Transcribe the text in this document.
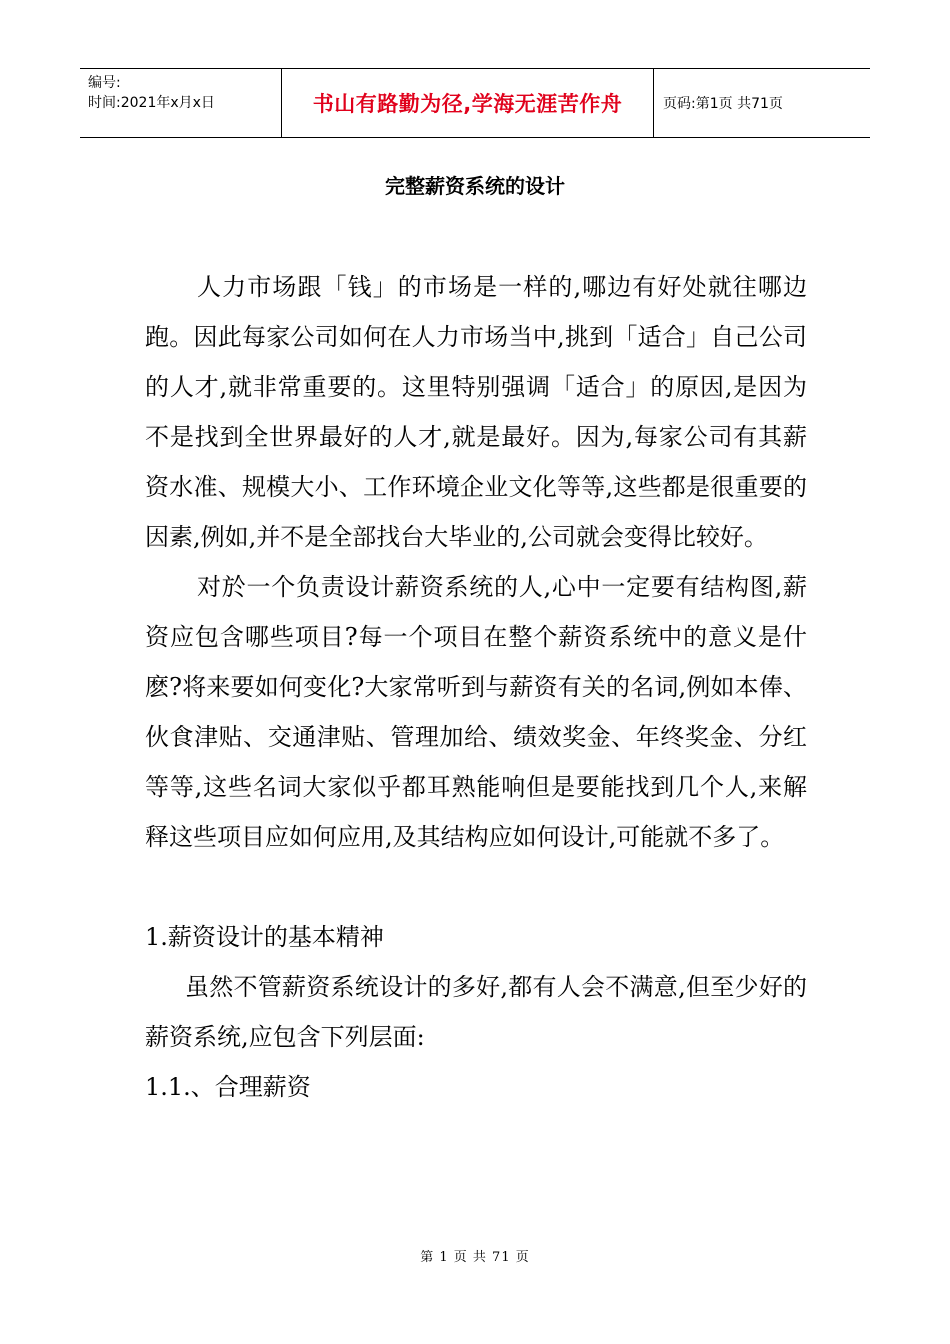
编号:
时间:2021年x月x日	书山有路勤为径,学海无涯苦作舟	页码:第1页 共71页
完整薪资系统的设计

人力市场跟「钱」的市场是一样的,哪边有好处就往哪边跑。因此每家公司如何在人力市场当中,挑到「适合」自己公司的人才,就非常重要的。这里特别强调「适合」的原因,是因为不是找到全世界最好的人才,就是最好。因为,每家公司有其薪资水准、规模大小、工作环境企业文化等等,这些都是很重要的因素,例如,并不是全部找台大毕业的,公司就会变得比较好。

对於一个负责设计薪资系统的人,心中一定要有结构图,薪资应包含哪些项目?每一个项目在整个薪资系统中的意义是什麽?将来要如何变化?大家常听到与薪资有关的名词,例如本俸、伙食津贴、交通津贴、管理加给、绩效奖金、年终奖金、分红等等,这些名词大家似乎都耳熟能响但是要能找到几个人,来解释这些项目应如何应用,及其结构应如何设计,可能就不多了。

1.薪资设计的基本精神

虽然不管薪资系统设计的多好,都有人会不满意,但至少好的薪资系统,应包含下列层面:

1.1.、合理薪资

第 1 页 共 71 页
